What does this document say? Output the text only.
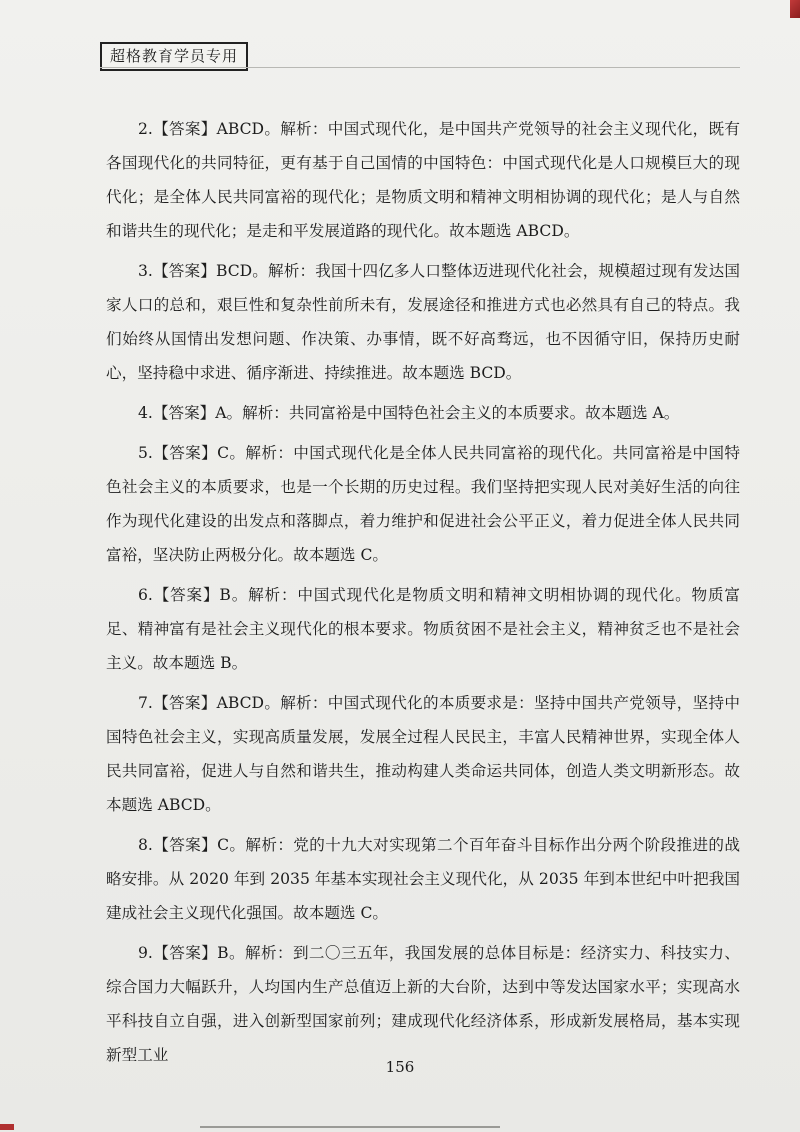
超格教育学员专用

2.【答案】ABCD。解析：中国式现代化，是中国共产党领导的社会主义现代化，既有各国现代化的共同特征，更有基于自己国情的中国特色：中国式现代化是人口规模巨大的现代化；是全体人民共同富裕的现代化；是物质文明和精神文明相协调的现代化；是人与自然和谐共生的现代化；是走和平发展道路的现代化。故本题选 ABCD。

3.【答案】BCD。解析：我国十四亿多人口整体迈进现代化社会，规模超过现有发达国家人口的总和，艰巨性和复杂性前所未有，发展途径和推进方式也必然具有自己的特点。我们始终从国情出发想问题、作决策、办事情，既不好高骛远，也不因循守旧，保持历史耐心，坚持稳中求进、循序渐进、持续推进。故本题选 BCD。

4.【答案】A。解析：共同富裕是中国特色社会主义的本质要求。故本题选 A。

5.【答案】C。解析：中国式现代化是全体人民共同富裕的现代化。共同富裕是中国特色社会主义的本质要求，也是一个长期的历史过程。我们坚持把实现人民对美好生活的向往作为现代化建设的出发点和落脚点，着力维护和促进社会公平正义，着力促进全体人民共同富裕，坚决防止两极分化。故本题选 C。

6.【答案】B。解析：中国式现代化是物质文明和精神文明相协调的现代化。物质富足、精神富有是社会主义现代化的根本要求。物质贫困不是社会主义，精神贫乏也不是社会主义。故本题选 B。

7.【答案】ABCD。解析：中国式现代化的本质要求是：坚持中国共产党领导，坚持中国特色社会主义，实现高质量发展，发展全过程人民民主，丰富人民精神世界，实现全体人民共同富裕，促进人与自然和谐共生，推动构建人类命运共同体，创造人类文明新形态。故本题选 ABCD。

8.【答案】C。解析：党的十九大对实现第二个百年奋斗目标作出分两个阶段推进的战略安排。从 2020 年到 2035 年基本实现社会主义现代化，从 2035 年到本世纪中叶把我国建成社会主义现代化强国。故本题选 C。

9.【答案】B。解析：到二〇三五年，我国发展的总体目标是：经济实力、科技实力、综合国力大幅跃升，人均国内生产总值迈上新的大台阶，达到中等发达国家水平；实现高水平科技自立自强，进入创新型国家前列；建成现代化经济体系，形成新发展格局，基本实现新型工业

156
